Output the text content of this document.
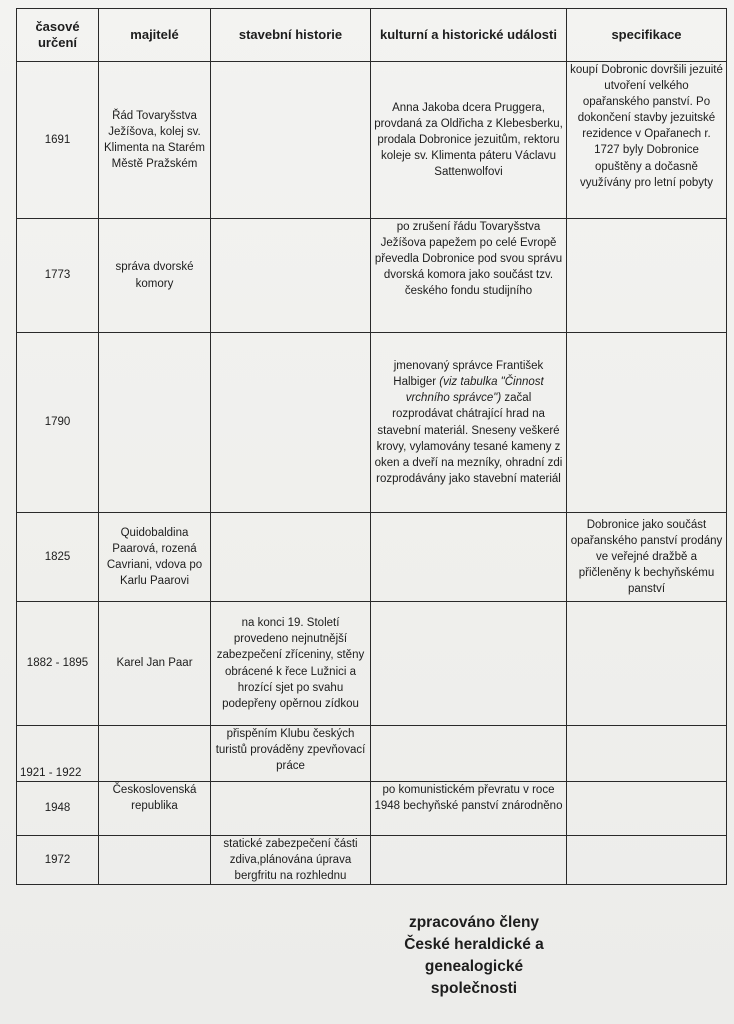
časové určení	majitelé	stavební historie	kulturní a historické události	specifikace
1691	Řád Tovaryšstva Ježíšova, kolej sv. Klimenta na Starém Městě Pražském		Anna Jakoba dcera Pruggera, provdaná za Oldřicha z Klebesberku, prodala Dobronice jezuitům, rektoru koleje sv. Klimenta páteru Václavu Sattenwolfovi	koupí Dobronic dovršili jezuité utvoření velkého opařanského panství. Po dokončení stavby jezuitské rezidence v Opařanech r. 1727 byly Dobronice opuštěny a dočasně využívány pro letní pobyty
1773	správa dvorské komory		po zrušení řádu Tovaryšstva Ježíšova papežem po celé Evropě převedla Dobronice pod svou správu dvorská komora jako součást tzv. českého fondu studijního	
1790			jmenovaný správce František Halbiger (viz tabulka "Činnost vrchního správce") začal rozprodávat chátrající hrad na stavební materiál. Sneseny veškeré krovy, vylamovány tesané kameny z oken a dveří na mezníky, ohradní zdi rozprodávány jako stavební materiál	
1825	Quidobaldina Paarová, rozená Cavriani, vdova po Karlu Paarovi			Dobronice jako součást opařanského panství prodány ve veřejné dražbě a přičleněny k bechyňskému panství
1882 - 1895	Karel Jan Paar	na konci 19. Století provedeno nejnutnější zabezpečení zříceniny, stěny obrácené k řece Lužnici a hrozící sjet po svahu podepřeny opěrnou zídkou		
1921 - 1922		přispěním Klubu českých turistů prováděny zpevňovací práce		
1948	Československá republika		po komunistickém převratu v roce 1948 bechyňské panství znárodněno	
1972		statické zabezpečení části zdiva,plánována úprava bergfritu na rozhlednu		
zpracováno členy České heraldické a genealogické společnosti
